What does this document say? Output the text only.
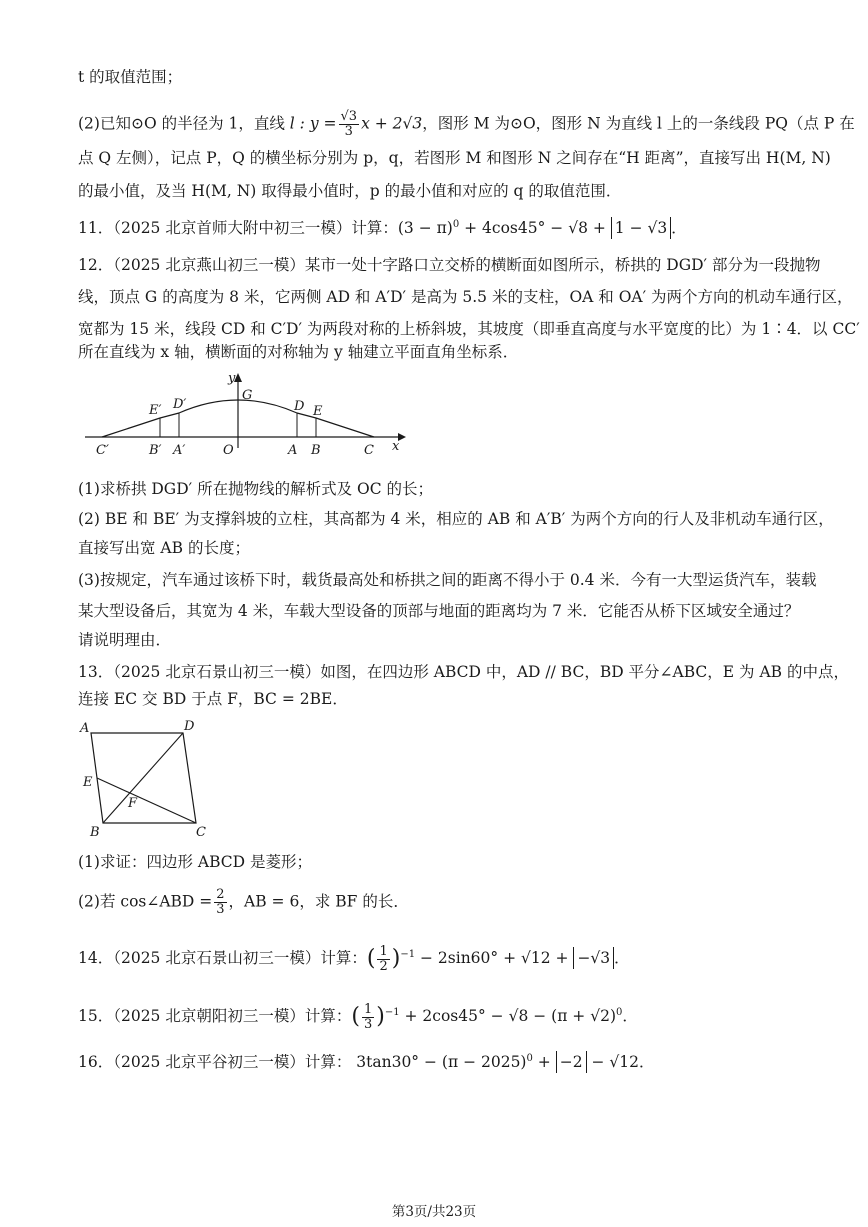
t 的取值范围；
(2)已知⊙O 的半径为 1，直线 l : $y = \frac{√3}{3}$ x + 2√3，图形 M 为⊙O，图形 N 为直线 l 上的一条线段 PQ（点 P 在
点 Q 左侧），记点 P，Q 的横坐标分别为 p，q，若图形 M 和图形 N 之间存在“H 距离”，直接写出 H(M, N)
的最小值，及当 H(M, N) 取得最小值时，p 的最小值和对应的 q 的取值范围．
11．（2025 北京首师大附中初三一模）计算：$(3 - \pi)^0 + 4\cos 45^\circ - √8 + 1 - √3$ ．
12．（2025 北京燕山初三一模）某市一处十字路口立交桥的横断面如图所示，桥拱的 DGD′ 部分为一段抛物
线，顶点 G 的高度为 8 米，它两侧 AD 和 A′D′ 是高为 5.5 米的支柱，OA 和 OA′ 为两个方向的机动车通行区，
宽都为 15 米，线段 CD 和 C′D′ 为两段对称的上桥斜坡，其坡度（即垂直高度与水平宽度的比）为 1∶4．以 CC′
所在直线为 x 轴，横断面的对称轴为 y 轴建立平面直角坐标系．
y
G
D′
E′	D E
C′	B′ A′	O	A B	C x
(1)求桥拱 DGD′ 所在抛物线的解析式及 OC 的长；
(2) BE 和 BE′ 为支撑斜坡的立柱，其高都为 4 米，相应的 AB 和 A′B′ 为两个方向的行人及非机动车通行区，
直接写出宽 AB 的长度；
(3)按规定，汽车通过该桥下时，载货最高处和桥拱之间的距离不得小于 0.4 米．今有一大型运货汽车，装载
某大型设备后，其宽为 4 米，车载大型设备的顶部与地面的距离均为 7 米．它能否从桥下区域安全通过？
请说明理由．
13．（2025 北京石景山初三一模）如图，在四边形 ABCD 中，AD // BC，BD 平分∠ABC，E 为 AB 的中点，
连接 EC 交 BD 于点 F，BC = 2BE．
A	D
E
F
B	C
(1)求证：四边形 ABCD 是菱形；
(2)若 cos∠ABD = $\frac{2}{3}$ ，AB = 6，求 BF 的长．
14．（2025 北京石景山初三一模）计算：( $\frac{1}{2} )^{-1} - 2\sin 60^\circ + √12 + -√3$ ．
15．（2025 北京朝阳初三一模）计算：( $\frac{1}{3} )^{-1} + 2\cos 45^\circ - √8 - (\pi + √2)^0$．
16．（2025 北京平谷初三一模）计算： $3\tan 30^\circ - (\pi - 2025)^0 + -2 - √12$．
第3页/共23页
